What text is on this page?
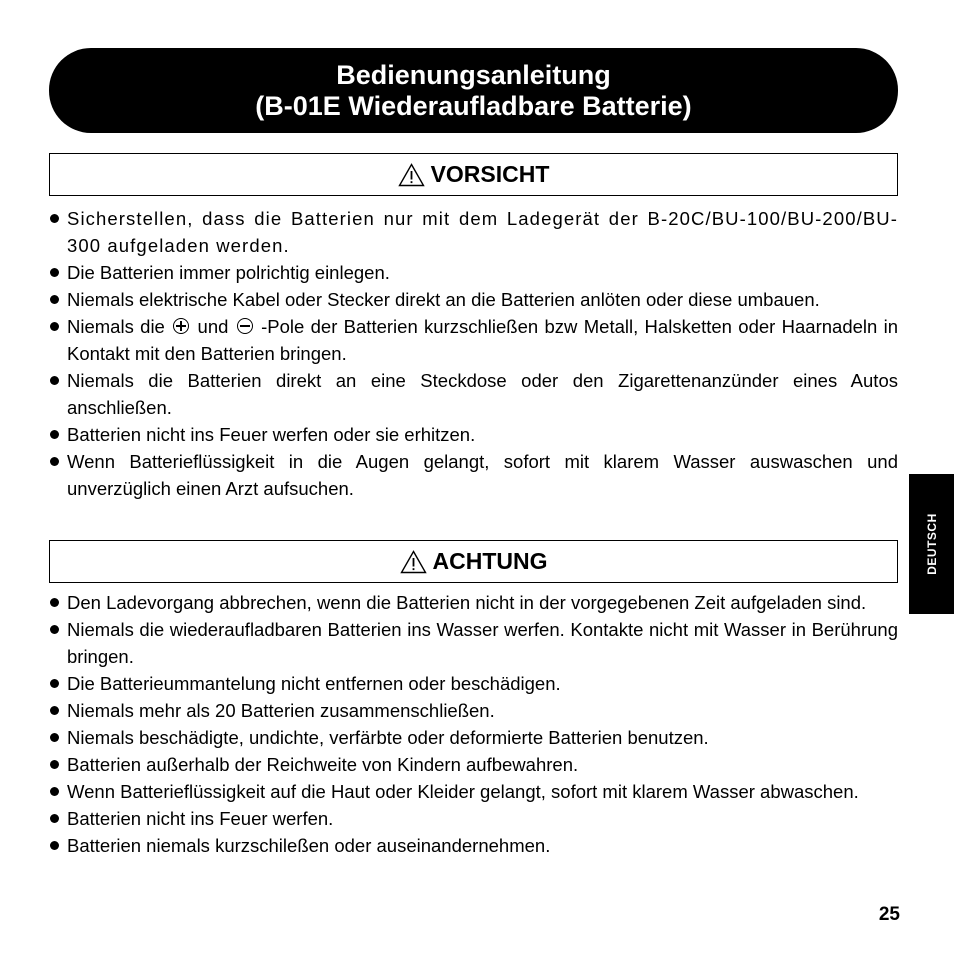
Bedienungsanleitung
(B-01E Wiederaufladbare Batterie)
VORSICHT
Sicherstellen, dass die Batterien nur mit dem Ladegerät der B-20C/BU-100/BU-200/BU-300 aufgeladen werden.
Die Batterien immer polrichtig einlegen.
Niemals elektrische Kabel oder Stecker direkt an die Batterien anlöten oder diese umbauen.
Niemals die und -Pole der Batterien kurzschließen bzw Metall, Halsketten oder Haarnadeln in Kontakt mit den Batterien bringen.
Niemals die Batterien direkt an eine Steckdose oder den Zigarettenanzünder eines Autos anschließen.
Batterien nicht ins Feuer werfen oder sie erhitzen.
Wenn Batterieflüssigkeit in die Augen gelangt, sofort mit klarem Wasser auswaschen und unverzüglich einen Arzt aufsuchen.
ACHTUNG
Den Ladevorgang abbrechen, wenn die Batterien nicht in der vorgegebenen Zeit aufgeladen sind.
Niemals die wiederaufladbaren Batterien ins Wasser werfen. Kontakte nicht mit Wasser in Berührung bringen.
Die Batterieummantelung nicht entfernen oder beschädigen.
Niemals mehr als 20 Batterien zusammenschließen.
Niemals beschädigte, undichte, verfärbte oder deformierte Batterien benutzen.
Batterien außerhalb der Reichweite von Kindern aufbewahren.
Wenn Batterieflüssigkeit auf die Haut oder Kleider gelangt, sofort mit klarem Wasser abwaschen.
Batterien nicht ins Feuer werfen.
Batterien niemals kurzschileßen oder auseinandernehmen.
DEUTSCH
25
